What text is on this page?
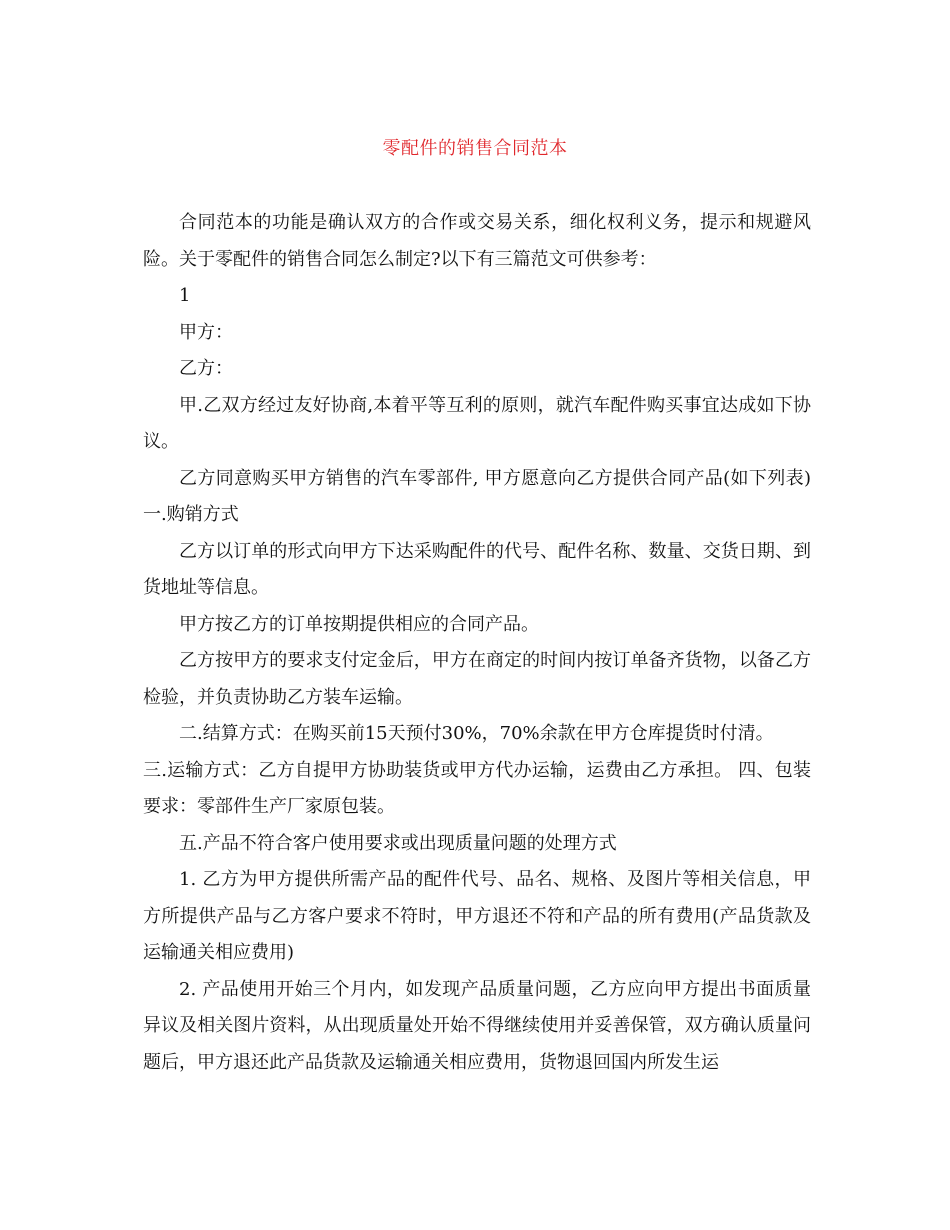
零配件的销售合同范本

合同范本的功能是确认双方的合作或交易关系，细化权利义务，提示和规避风险。关于零配件的销售合同怎么制定?以下有三篇范文可供参考：

1

甲方：

乙方：

甲.乙双方经过友好协商,本着平等互利的原则，就汽车配件购买事宜达成如下协议。

乙方同意购买甲方销售的汽车零部件, 甲方愿意向乙方提供合同产品(如下列表) 一.购销方式

乙方以订单的形式向甲方下达采购配件的代号、配件名称、数量、交货日期、到货地址等信息。

甲方按乙方的订单按期提供相应的合同产品。

乙方按甲方的要求支付定金后，甲方在商定的时间内按订单备齐货物，以备乙方检验，并负责协助乙方装车运输。

二.结算方式：在购买前15天预付30%，70%余款在甲方仓库提货时付清。

三.运输方式：乙方自提甲方协助装货或甲方代办运输，运费由乙方承担。 四、包装要求：零部件生产厂家原包装。

五.产品不符合客户使用要求或出现质量问题的处理方式

1. 乙方为甲方提供所需产品的配件代号、品名、规格、及图片等相关信息，甲方所提供产品与乙方客户要求不符时，甲方退还不符和产品的所有费用(产品货款及运输通关相应费用)

2. 产品使用开始三个月内，如发现产品质量问题，乙方应向甲方提出书面质量异议及相关图片资料，从出现质量处开始不得继续使用并妥善保管，双方确认质量问题后，甲方退还此产品货款及运输通关相应费用，货物退回国内所发生运
